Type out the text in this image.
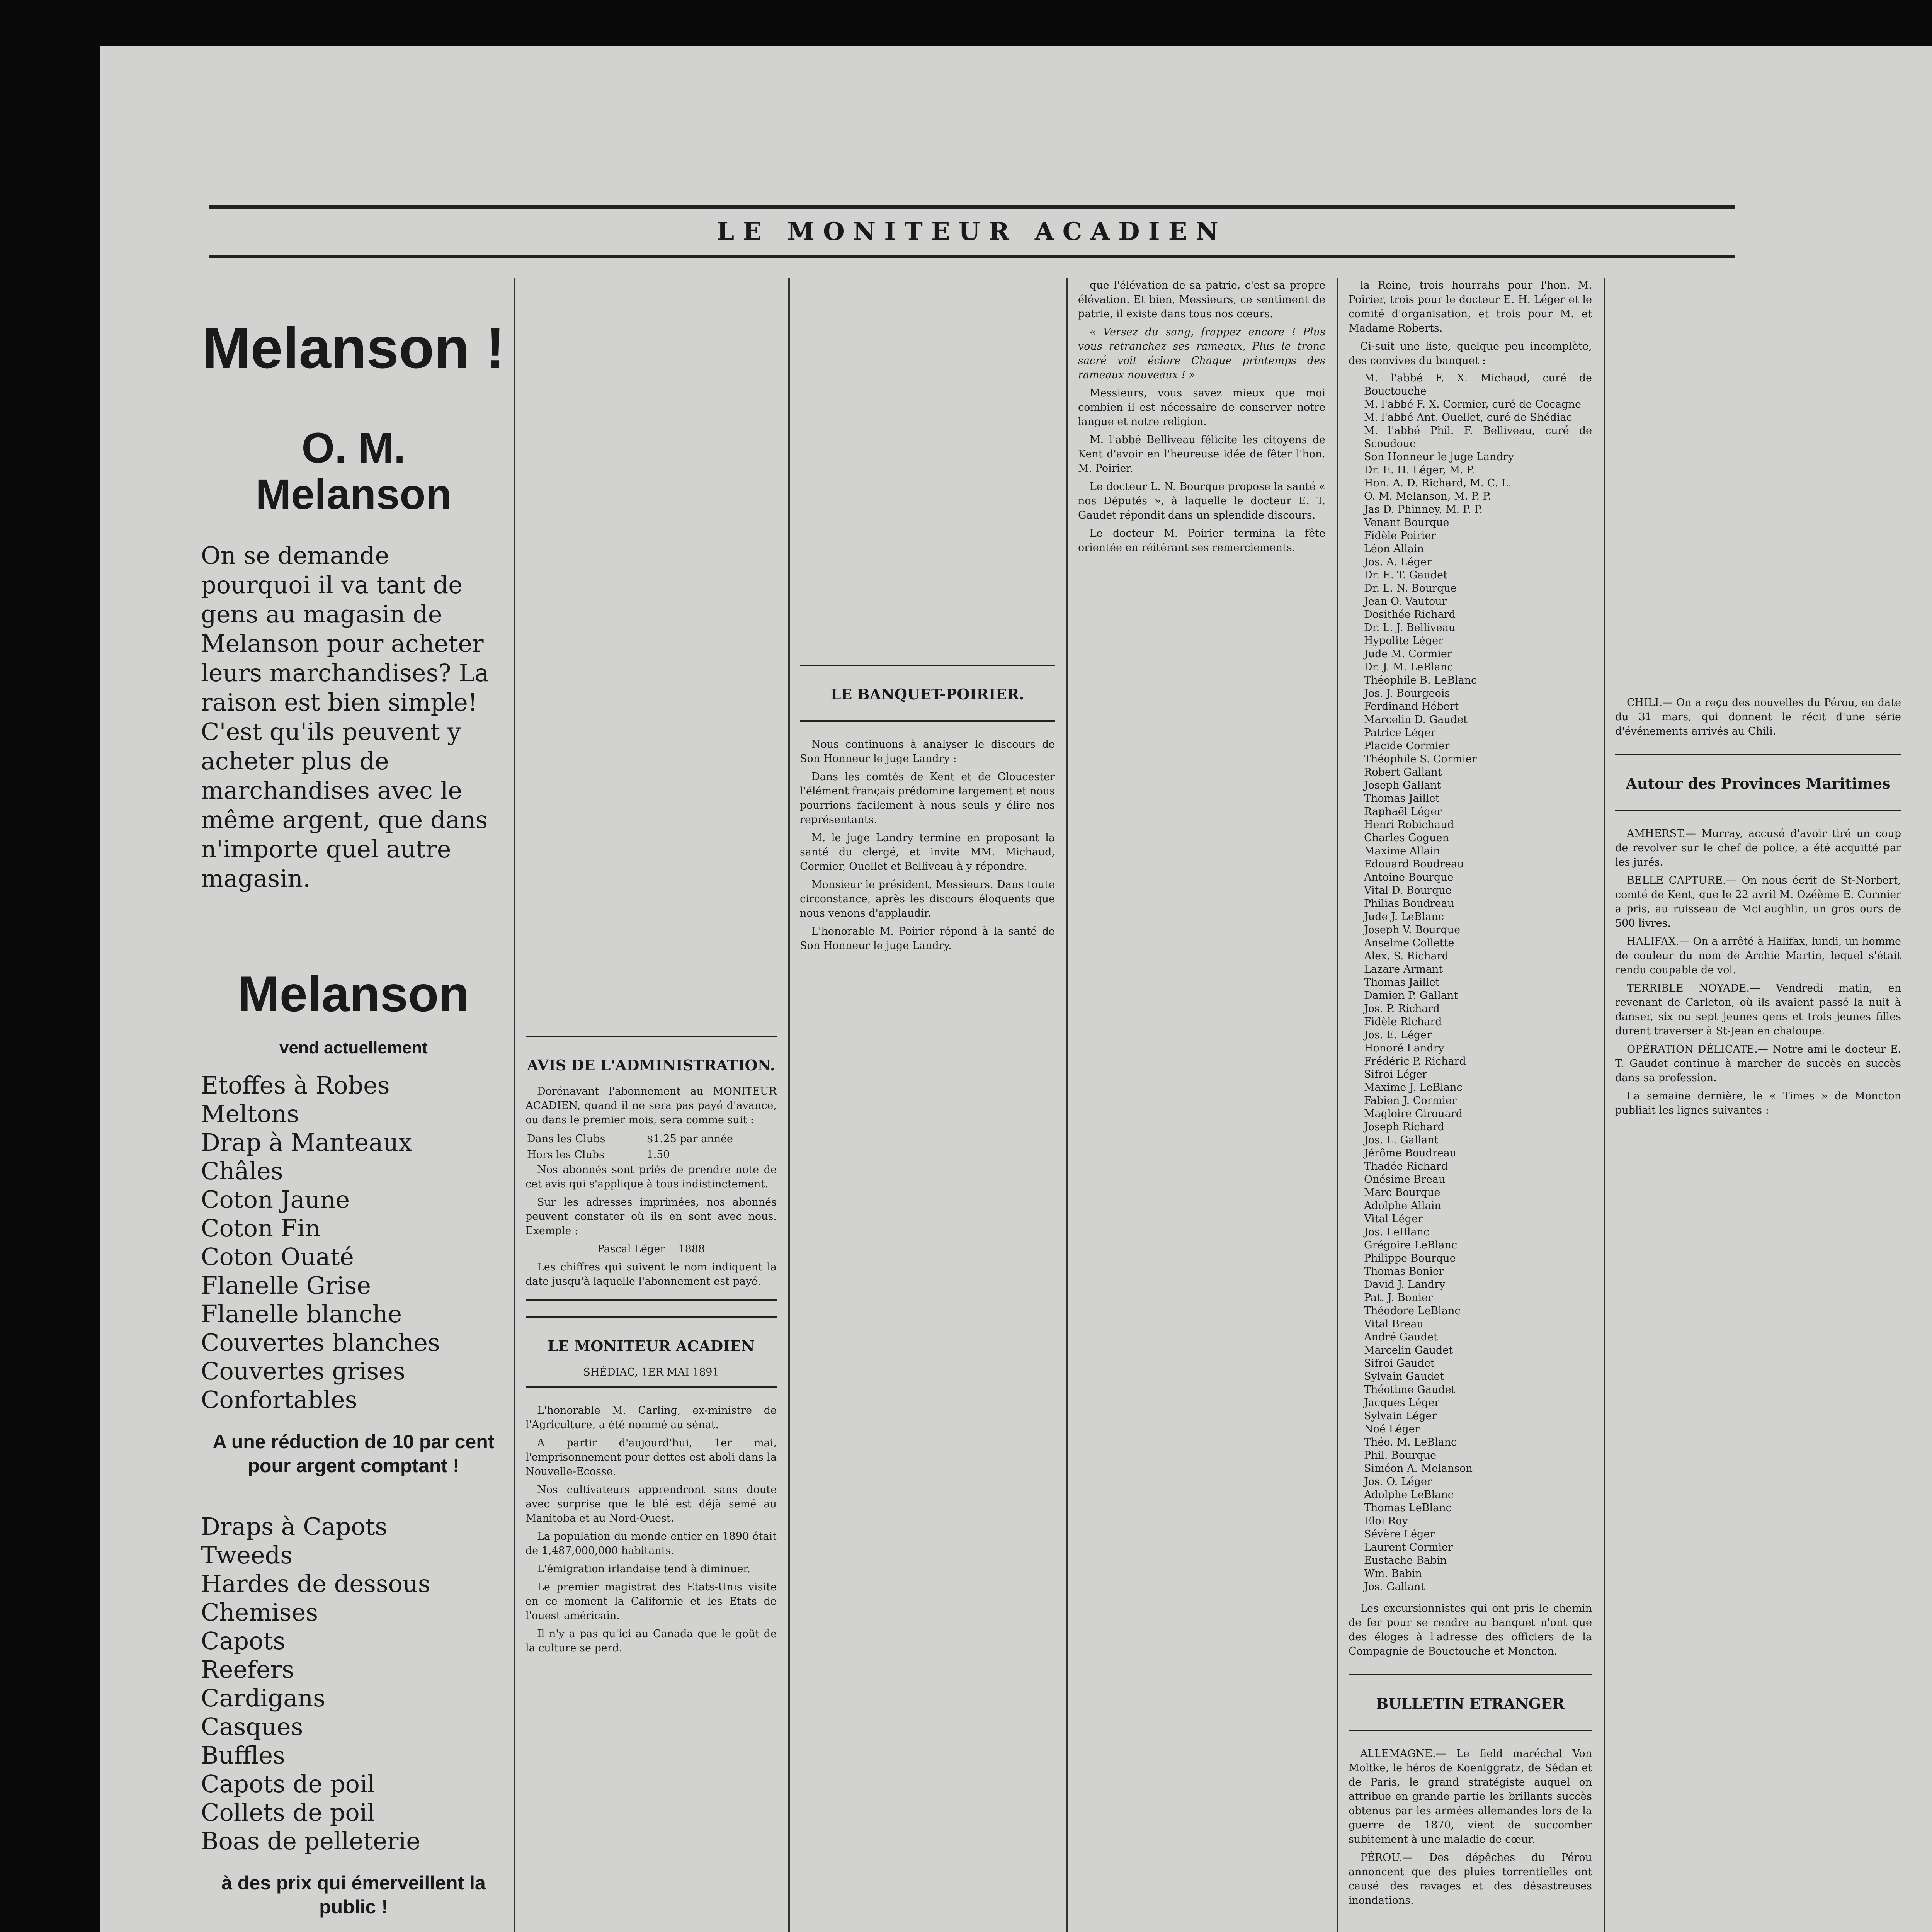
LE MONITEUR ACADIEN
Melanson !
O. M. Melanson
On se demande pourquoi il va tant de gens au magasin de Melanson pour acheter leurs marchandises? La raison est bien simple! C'est qu'ils peuvent y acheter plus de marchandises avec le même argent, que dans n'importe quel autre magasin.
Melanson
vend actuellement
Etoffes à Robes
Meltons
Drap à Manteaux
Châles
Coton Jaune
Coton Fin
Coton Ouaté
Flanelle Grise
Flanelle blanche
Couvertes blanches
Couvertes grises
Confortables
A une réduction de 10 par cent pour argent comptant !
Draps à Capots
Tweeds
Hardes de dessous
Chemises
Capots
Reefers
Cardigans
Casques
Buffles
Capots de poil
Collets de poil
Boas de pelleterie
à des prix qui émerveillent la public !
AVIS DE L'ADMINISTRATION.

Dorénavant l'abonnement au MONITEUR ACADIEN, quand il ne sera pas payé d'avance, ou dans le premier mois, sera comme suit :

Dans les Clubs	$1.25 par année
Hors les Clubs	1.50

Nos abonnés sont priés de prendre note de cet avis qui s'applique à tous indistinctement.

Sur les adresses imprimées, nos abonnés peuvent constater où ils en sont avec nous. Exemple :

Pascal Léger 1888

Les chiffres qui suivent le nom indiquent la date jusqu'à laquelle l'abonnement est payé.

LE MONITEUR ACADIEN
SHÉDIAC, 1ER MAI 1891

L'honorable M. Carling, ex-ministre de l'Agriculture, a été nommé au sénat.

A partir d'aujourd'hui, 1er mai, l'emprisonnement pour dettes est aboli dans la Nouvelle-Ecosse.

Nos cultivateurs apprendront sans doute avec surprise que le blé est déjà semé au Manitoba et au Nord-Ouest.

La population du monde entier en 1890 était de 1,487,000,000 habitants.

L'émigration irlandaise tend à diminuer.

Le premier magistrat des Etats-Unis visite en ce moment la Californie et les Etats de l'ouest américain.

Il n'y a pas qu'ici au Canada que le goût de la culture se perd.

LE BANQUET-POIRIER.

Nous continuons à analyser le discours de Son Honneur le juge Landry :

Dans les comtés de Kent et de Gloucester l'élément français prédomine largement et nous pourrions facilement à nous seuls y élire nos représentants.

M. le juge Landry termine en proposant la santé du clergé, et invite MM. Michaud, Cormier, Ouellet et Belliveau à y répondre.

Monsieur le président, Messieurs. Dans toute circonstance, après les discours éloquents que nous venons d'applaudir.

L'honorable M. Poirier répond à la santé de Son Honneur le juge Landry.

que l'élévation de sa patrie, c'est sa propre élévation. Et bien, Messieurs, ce sentiment de patrie, il existe dans tous nos cœurs.

« Versez du sang, frappez encore ! Plus vous retranchez ses rameaux, Plus le tronc sacré voit éclore Chaque printemps des rameaux nouveaux ! »

Messieurs, vous savez mieux que moi combien il est nécessaire de conserver notre langue et notre religion.

M. l'abbé Belliveau félicite les citoyens de Kent d'avoir en l'heureuse idée de fêter l'hon. M. Poirier.

Le docteur L. N. Bourque propose la santé « nos Députés », à laquelle le docteur E. T. Gaudet répondit dans un splendide discours.

Le docteur M. Poirier termina la fête orientée en réitérant ses remerciements.

la Reine, trois hourrahs pour l'hon. M. Poirier, trois pour le docteur E. H. Léger et le comité d'organisation, et trois pour M. et Madame Roberts.

Ci-suit une liste, quelque peu incomplète, des convives du banquet :

M. l'abbé F. X. Michaud, curé de Bouctouche
M. l'abbé F. X. Cormier, curé de Cocagne
M. l'abbé Ant. Ouellet, curé de Shédiac
M. l'abbé Phil. F. Belliveau, curé de Scoudouc
Son Honneur le juge Landry
Dr. E. H. Léger, M. P.
Hon. A. D. Richard, M. C. L.
O. M. Melanson, M. P. P.
Jas D. Phinney, M. P. P.
Venant Bourque
Fidèle Poirier
Léon Allain
Jos. A. Léger
Dr. E. T. Gaudet
Dr. L. N. Bourque
Jean O. Vautour
Dosithée Richard
Dr. L. J. Belliveau
Hypolite Léger
Jude M. Cormier
Dr. J. M. LeBlanc
Théophile B. LeBlanc
Jos. J. Bourgeois
Ferdinand Hébert
Marcelin D. Gaudet
Patrice Léger
Placide Cormier
Théophile S. Cormier
Robert Gallant
Joseph Gallant
Thomas Jaillet
Raphaël Léger
Henri Robichaud
Charles Goguen
Maxime Allain
Edouard Boudreau
Antoine Bourque
Vital D. Bourque
Philias Boudreau
Jude J. LeBlanc
Joseph V. Bourque
Anselme Collette
Alex. S. Richard
Lazare Armant
Thomas Jaillet
Damien P. Gallant
Jos. P. Richard
Fidèle Richard
Jos. E. Léger
Honoré Landry
Frédéric P. Richard
Sifroi Léger
Maxime J. LeBlanc
Fabien J. Cormier
Magloire Girouard
Joseph Richard
Jos. L. Gallant
Jérôme Boudreau
Thadée Richard
Onésime Breau
Marc Bourque
Adolphe Allain
Vital Léger
Jos. LeBlanc
Grégoire LeBlanc
Philippe Bourque
Thomas Bonier
David J. Landry
Pat. J. Bonier
Théodore LeBlanc
Vital Breau
André Gaudet
Marcelin Gaudet
Sifroi Gaudet
Sylvain Gaudet
Théotime Gaudet
Jacques Léger
Sylvain Léger
Noé Léger
Théo. M. LeBlanc
Phil. Bourque
Siméon A. Melanson
Jos. O. Léger
Adolphe LeBlanc
Thomas LeBlanc
Eloi Roy
Sévère Léger
Laurent Cormier
Eustache Babin
Wm. Babin
Jos. Gallant

Les excursionnistes qui ont pris le chemin de fer pour se rendre au banquet n'ont que des éloges à l'adresse des officiers de la Compagnie de Bouctouche et Moncton.

BULLETIN ETRANGER

ALLEMAGNE.— Le field maréchal Von Moltke, le héros de Koeniggratz, de Sédan et de Paris, le grand stratégiste auquel on attribue en grande partie les brillants succès obtenus par les armées allemandes lors de la guerre de 1870, vient de succomber subitement à une maladie de cœur.

PÉROU.— Des dépêches du Pérou annoncent que des pluies torrentielles ont causé des ravages et des désastreuses inondations.

CHILI.— On a reçu des nouvelles du Pérou, en date du 31 mars, qui donnent le récit d'une série d'événements arrivés au Chili.

Autour des Provinces Maritimes

AMHERST.— Murray, accusé d'avoir tiré un coup de revolver sur le chef de police, a été acquitté par les jurés.

BELLE CAPTURE.— On nous écrit de St-Norbert, comté de Kent, que le 22 avril M. Ozéème E. Cormier a pris, au ruisseau de McLaughlin, un gros ours de 500 livres.

HALIFAX.— On a arrêté à Halifax, lundi, un homme de couleur du nom de Archie Martin, lequel s'était rendu coupable de vol.

TERRIBLE NOYADE.— Vendredi matin, en revenant de Carleton, où ils avaient passé la nuit à danser, six ou sept jeunes gens et trois jeunes filles durent traverser à St-Jean en chaloupe.

OPÉRATION DÉLICATE.— Notre ami le docteur E. T. Gaudet continue à marcher de succès en succès dans sa profession.

La semaine dernière, le « Times » de Moncton publiait les lignes suivantes :
